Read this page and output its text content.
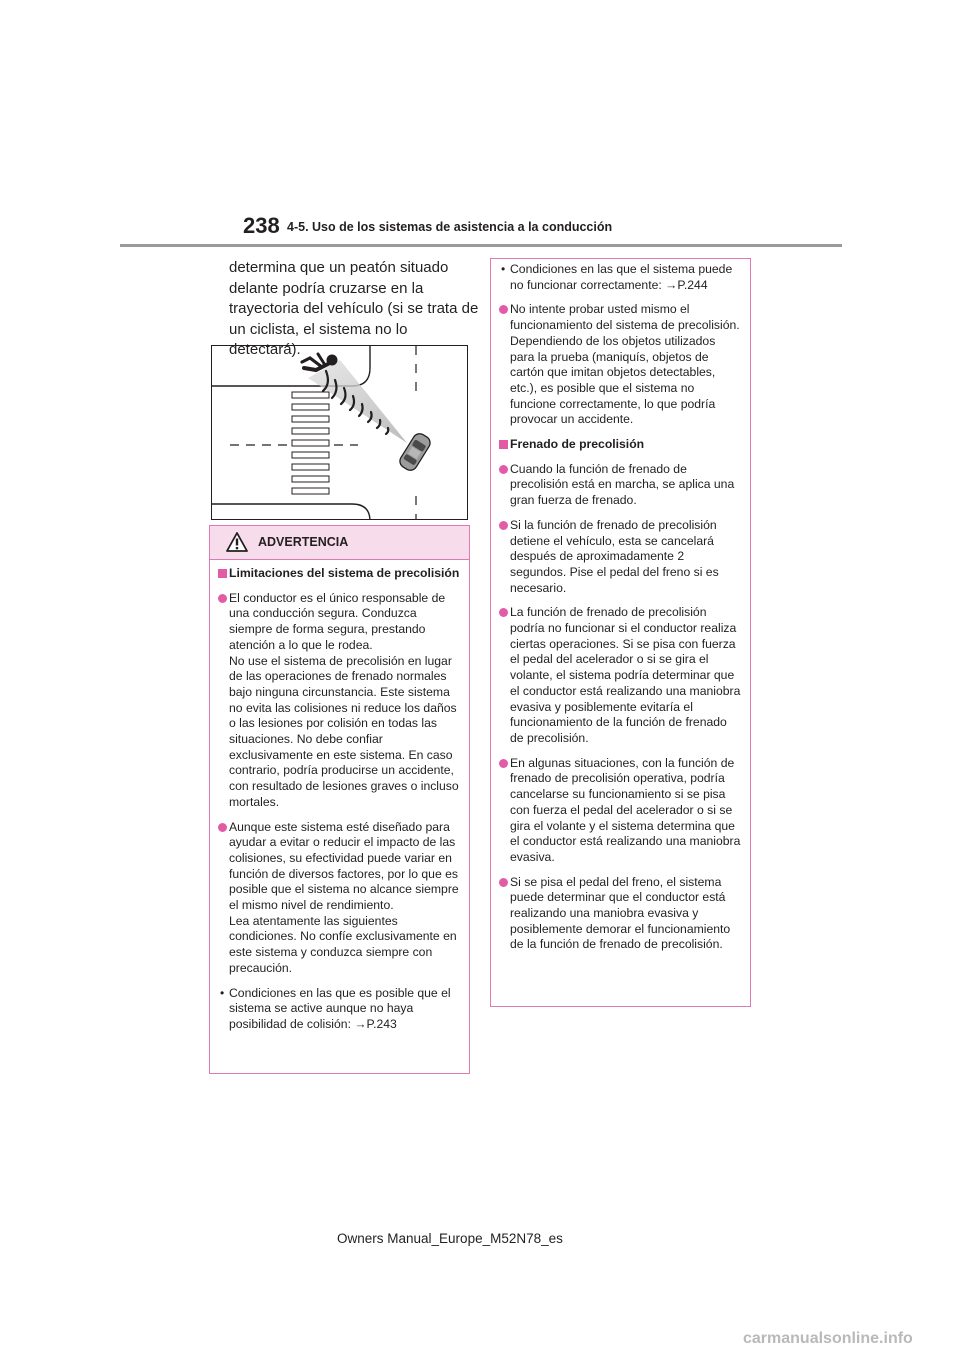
238 4-5. Uso de los sistemas de asistencia a la conducción

determina que un peatón situado delante podría cruzarse en la trayectoria del vehículo (si se trata de un ciclista, el sistema no lo detectará).

ADVERTENCIA
Limitaciones del sistema de precolisión
El conductor es el único responsable de una conducción segura. Conduzca siempre de forma segura, prestando atención a lo que le rodea.
No use el sistema de precolisión en lugar de las operaciones de frenado normales bajo ninguna circunstancia. Este sistema no evita las colisiones ni reduce los daños o las lesiones por colisión en todas las situaciones. No debe confiar exclusivamente en este sistema. En caso contrario, podría producirse un accidente, con resultado de lesiones graves o incluso mortales.
Aunque este sistema esté diseñado para ayudar a evitar o reducir el impacto de las colisiones, su efectividad puede variar en función de diversos factores, por lo que es posible que el sistema no alcance siempre el mismo nivel de rendimiento.
Lea atentamente las siguientes condiciones. No confíe exclusivamente en este sistema y conduzca siempre con precaución.
• Condiciones en las que es posible que el sistema se active aunque no haya posibilidad de colisión: →P.243
• Condiciones en las que el sistema puede no funcionar correctamente: →P.244
No intente probar usted mismo el funcionamiento del sistema de precolisión. Dependiendo de los objetos utilizados para la prueba (maniquís, objetos de cartón que imitan objetos detectables, etc.), es posible que el sistema no funcione correctamente, lo que podría provocar un accidente.
Frenado de precolisión
Cuando la función de frenado de precolisión está en marcha, se aplica una gran fuerza de frenado.
Si la función de frenado de precolisión detiene el vehículo, esta se cancelará después de aproximadamente 2 segundos. Pise el pedal del freno si es necesario.
La función de frenado de precolisión podría no funcionar si el conductor realiza ciertas operaciones. Si se pisa con fuerza el pedal del acelerador o si se gira el volante, el sistema podría determinar que el conductor está realizando una maniobra evasiva y posiblemente evitaría el funcionamiento de la función de frenado de precolisión.
En algunas situaciones, con la función de frenado de precolisión operativa, podría cancelarse su funcionamiento si se pisa con fuerza el pedal del acelerador o si se gira el volante y el sistema determina que el conductor está realizando una maniobra evasiva.
Si se pisa el pedal del freno, el sistema puede determinar que el conductor está realizando una maniobra evasiva y posiblemente demorar el funcionamiento de la función de frenado de precolisión.
Owners Manual_Europe_M52N78_es
carmanualsonline.info
